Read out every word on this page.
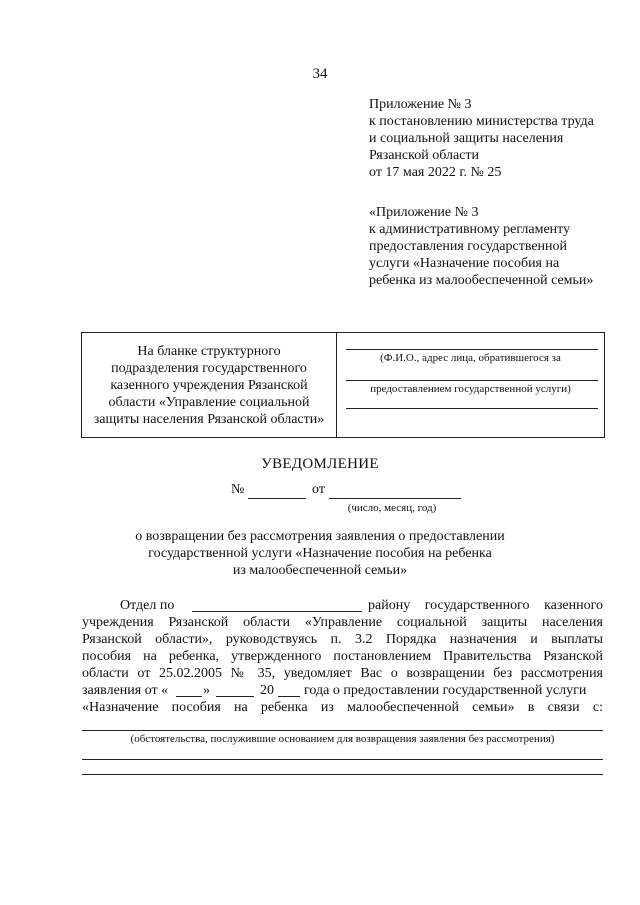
34
Приложение № 3
к постановлению министерства труда
и социальной защиты населения
Рязанской области
от 17 мая 2022 г. № 25
«Приложение № 3
к административному регламенту
предоставления государственной
услуги «Назначение пособия на
ребенка из малообеспеченной семьи»
На бланке структурного
подразделения государственного
казенного учреждения Рязанской
области «Управление социальной
защиты населения Рязанской области»
(Ф.И.О., адрес лица, обратившегося за
предоставлением государственной услуги)
УВЕДОМЛЕНИЕ
№	от
(число, месяц, год)
о возвращении без рассмотрения заявления о предоставлении
государственной услуги «Назначение пособия на ребенка
из малообеспеченной семьи»
Отдел по	району государственного казенного
учреждения Рязанской области «Управление социальной защиты населения
Рязанской области», руководствуясь п. 3.2 Порядка назначения и выплаты
пособия на ребенка, утвержденного постановлением Правительства Рязанской
области от 25.02.2005 № 35, уведомляет Вас о возвращении без рассмотрения
заявления от « »	20 года о предоставлении государственной услуги
«Назначение пособия на ребенка из малообеспеченной семьи» в связи с:
(обстоятельства, послужившие основанием для возвращения заявления без рассмотрения)
